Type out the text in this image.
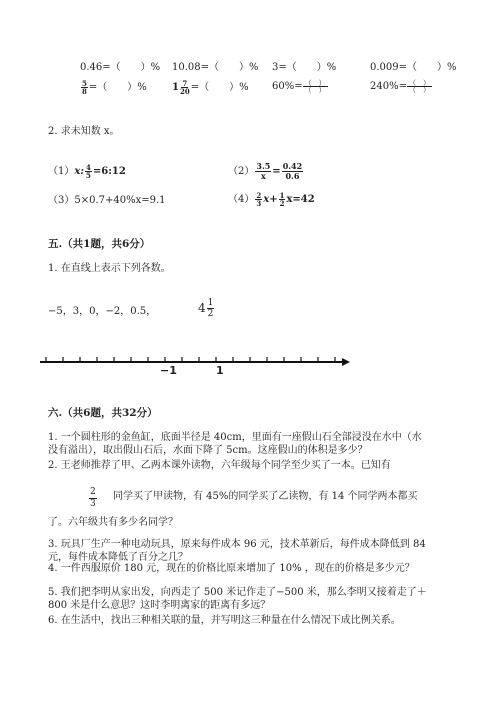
0.46=（　　）% 10.08=（　　）% 3=（　　）%	0.009=（　　）%
$\frac{5}{8}$ =（　　）%	$1 \frac{7}{20}$ =（　　）% $60\%= \frac{( )}{( )}$	$240\%= \frac{( )}{( )}$
2. 求未知数 x。
（1）x: $\frac{4}{5}$ =6:12	$(2) \frac{3.5}{x} = \frac{0.42}{0.6}$
（3）5×0.7+40%x=9.1	$(4) \frac{2}{3} x+ \frac{1}{2} x=42$
五.（共1题，共6分）
1. 在直线上表示下列各数。
−5，3，0，−2，0.5，	$4 \frac{1}{2}$
−1	1
六.（共6题，共32分）
1. 一个圆柱形的金鱼缸，底面半径是 40cm，里面有一座假山石全部浸没在水中（水没有溢出），取出假山石后，水面下降了 5cm。这座假山的体积是多少？
2. 王老师推荐了甲、乙两本课外读物，六年级每个同学至少买了一本。已知有
$\frac{2}{3}$ 同学买了甲读物，有 45%的同学买了乙读物，有 14 个同学两本都买
了。六年级共有多少名同学？
3. 玩具厂生产一种电动玩具，原来每件成本 96 元，技术革新后，每件成本降低到 84 元，每件成本降低了百分之几？
4. 一件西服原价 180 元，现在的价格比原来增加了 10% ，现在的价格是多少元？
5. 我们把李明从家出发，向西走了 500 米记作走了−500 米，那么李明又接着走了＋800 米是什么意思？这时李明离家的距离有多远？
6. 在生活中，找出三种相关联的量，并写明这三种量在什么情况下成比例关系。
